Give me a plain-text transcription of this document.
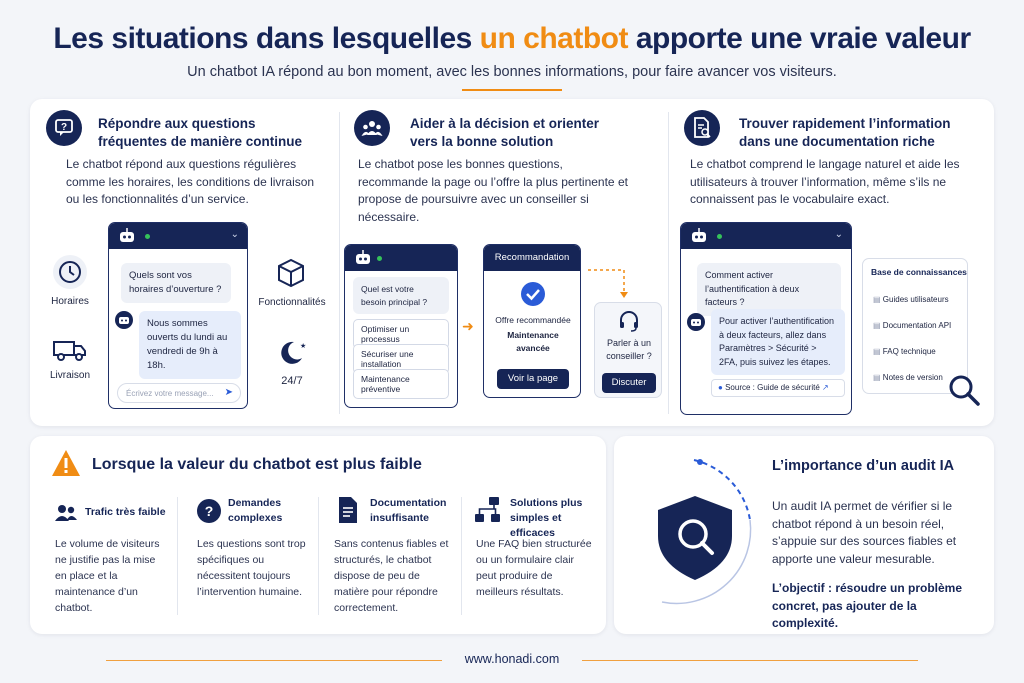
Les situations dans lesquelles un chatbot apporte une vraie valeur
Un chatbot IA répond au bon moment, avec les bonnes informations, pour faire avancer vos visiteurs.
? Répondre aux questions fréquentes de manière continue
Le chatbot répond aux questions régulières comme les horaires, les conditions de livraison ou les fonctionnalités d’un service.
Horaires
Livraison
⌄
Quels sont vos horaires d’ouverture ?
Nous sommes ouverts du lundi au vendredi de 9h à 18h.
Écrivez votre message... ➤
Fonctionnalités
★
24/7
Aider à la décision et orienter vers la bonne solution
Le chatbot pose les bonnes questions, recommande la page ou l’offre la plus pertinente et propose de poursuivre avec un conseiller si nécessaire.
Quel est votre besoin principal ?
Optimiser un processus
Sécuriser une installation
Maintenance préventive
➜
Recommandation
Offre recommandée
Maintenance avancée
Voir la page
Parler à un conseiller ?
Discuter
Trouver rapidement l’information dans une documentation riche
Le chatbot comprend le langage naturel et aide les utilisateurs à trouver l’information, même s’ils ne connaissent pas le vocabulaire exact.
⌄
Comment activer l’authentification à deux facteurs ?
Pour activer l’authentification à deux facteurs, allez dans Paramètres > Sécurité > 2FA, puis suivez les étapes.
● Source : Guide de sécurité ↗
Base de connaissances
▤ Guides utilisateurs
▤ Documentation API
▤ FAQ technique
▤ Notes de version
Lorsque la valeur du chatbot est plus faible
Trafic très faible
Le volume de visiteurs ne justifie pas la mise en place et la maintenance d’un chatbot.
? Demandes complexes
Les questions sont trop spécifiques ou nécessitent toujours l’intervention humaine.
Documentation insuffisante
Sans contenus fiables et structurés, le chatbot dispose de peu de matière pour répondre correctement.
Solutions plus simples et efficaces
Une FAQ bien structurée ou un formulaire clair peut produire de meilleurs résultats.
L’importance d’un audit IA
Un audit IA permet de vérifier si le chatbot répond à un besoin réel, s’appuie sur des sources fiables et apporte une valeur mesurable.
L’objectif : résoudre un problème concret, pas ajouter de la complexité.
www.honadi.com
